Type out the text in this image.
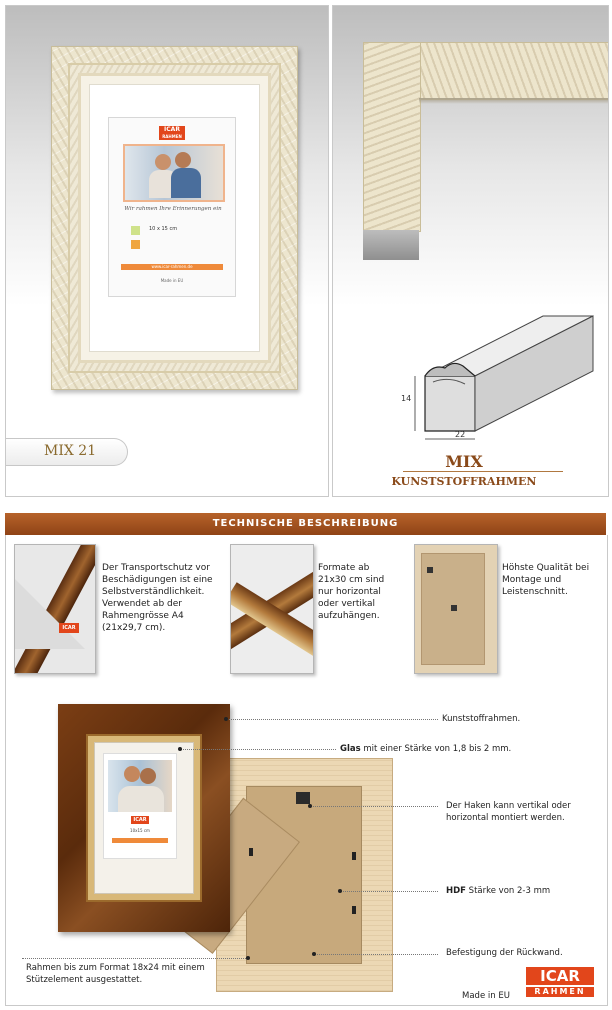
ICAR
RAHMEN
Wir rahmen Ihre Erinnerungen ein
10 x 15 cm
www.icar-rahmen.de
Made in EU
MIX 21
14
22
MIX
KUNSTSTOFFRAHMEN
TECHNISCHE BESCHREIBUNG
ICAR
Der Transportschutz vor Beschädigungen ist eine Selbstverständlichkeit. Verwendet ab der Rahmengrösse A4 (21x29,7 cm).
Formate ab 21x30 cm sind nur horizontal oder vertikal aufzuhängen.
Höhste Qualität bei Montage und Leistenschnitt.
ICAR
10x15 cm
Kunststoffrahmen.
Glas mit einer Stärke von 1,8 bis 2 mm.
Der Haken kann vertikal oder horizontal montiert werden.
HDF Stärke von 2-3 mm
Befestigung der Rückwand.
Rahmen bis zum Format 18x24 mit einem Stützelement ausgestattet.
Made in EU
ICAR
RAHMEN
